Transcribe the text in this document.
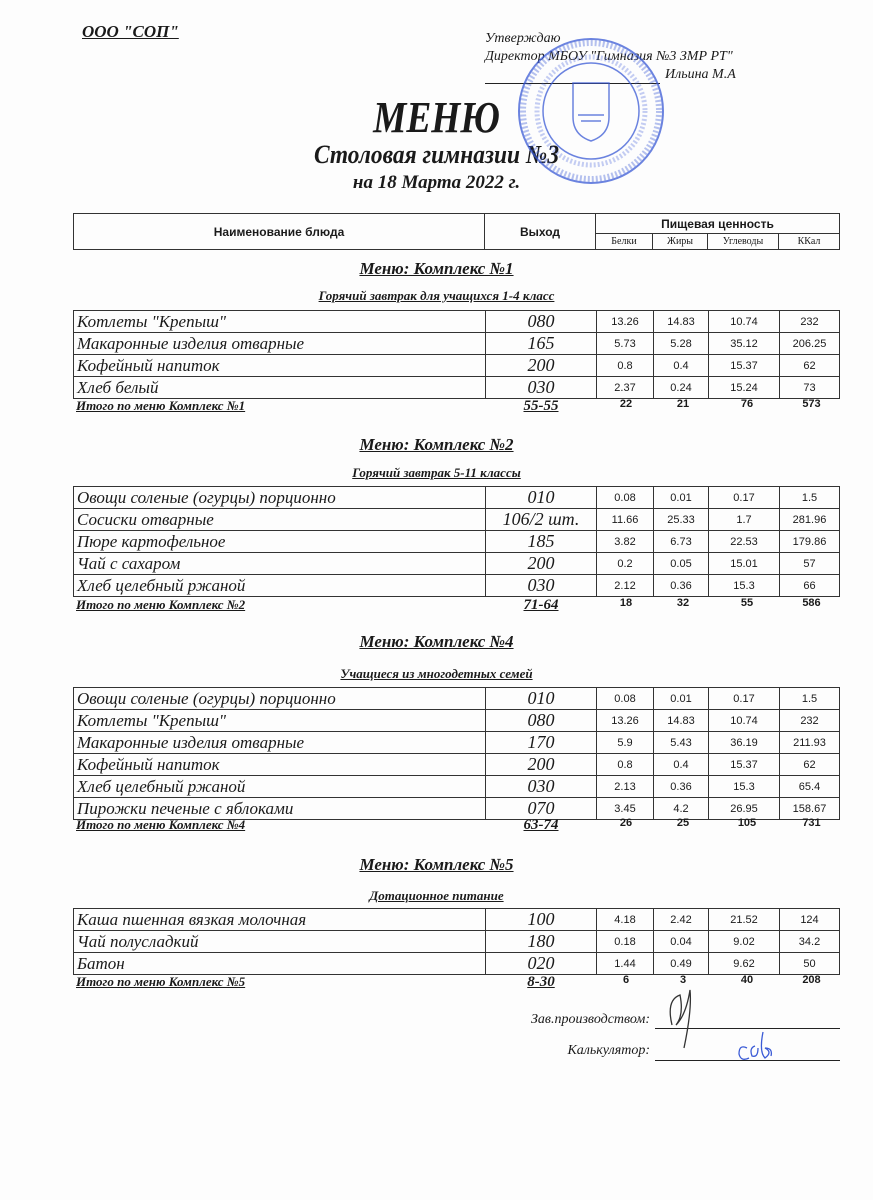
ООО "СОП"	Утверждаю
Директор МБОУ "Гимназия №3 ЗМР РТ"
Ильина М.А
МЕНЮ
Столовая гимназии №3
на 18 Марта 2022 г.
Наименование блюда	Выход	Пищевая ценность			
		Белки	Жиры	Углеводы	ККал
Меню: Комплекс №1
Горячий завтрак для учащихся 1-4 класс
Котлеты "Крепыш"	080	13.26	14.83	10.74	232
Макаронные изделия отварные	165	5.73	5.28	35.12	206.25
Кофейный напиток	200	0.8	0.4	15.37	62
Хлеб белый	030	2.37	0.24	15.24	73
Итого по меню Комплекс №1	55-55	22	21	76	573
Меню: Комплекс №2
Горячий завтрак 5-11 классы
Овощи соленые (огурцы) порционно	010	0.08	0.01	0.17	1.5
Сосиски отварные	106/2 шт.	11.66	25.33	1.7	281.96
Пюре картофельное	185	3.82	6.73	22.53	179.86
Чай с сахаром	200	0.2	0.05	15.01	57
Хлеб целебный ржаной	030	2.12	0.36	15.3	66
Итого по меню Комплекс №2	71-64	18	32	55	586
Меню: Комплекс №4
Учащиеся из многодетных семей
Овощи соленые (огурцы) порционно	010	0.08	0.01	0.17	1.5
Котлеты "Крепыш"	080	13.26	14.83	10.74	232
Макаронные изделия отварные	170	5.9	5.43	36.19	211.93
Кофейный напиток	200	0.8	0.4	15.37	62
Хлеб целебный ржаной	030	2.13	0.36	15.3	65.4
Пирожки печеные с яблоками	070	3.45	4.2	26.95	158.67
Итого по меню Комплекс №4	63-74	26	25	105	731
Меню: Комплекс №5
Дотационное питание
Каша пшенная вязкая молочная	100	4.18	2.42	21.52	124
Чай полусладкий	180	0.18	0.04	9.02	34.2
Батон	020	1.44	0.49	9.62	50
Итого по меню Комплекс №5	8-30	6	3	40	208
Зав.производством:
Калькулятор:
